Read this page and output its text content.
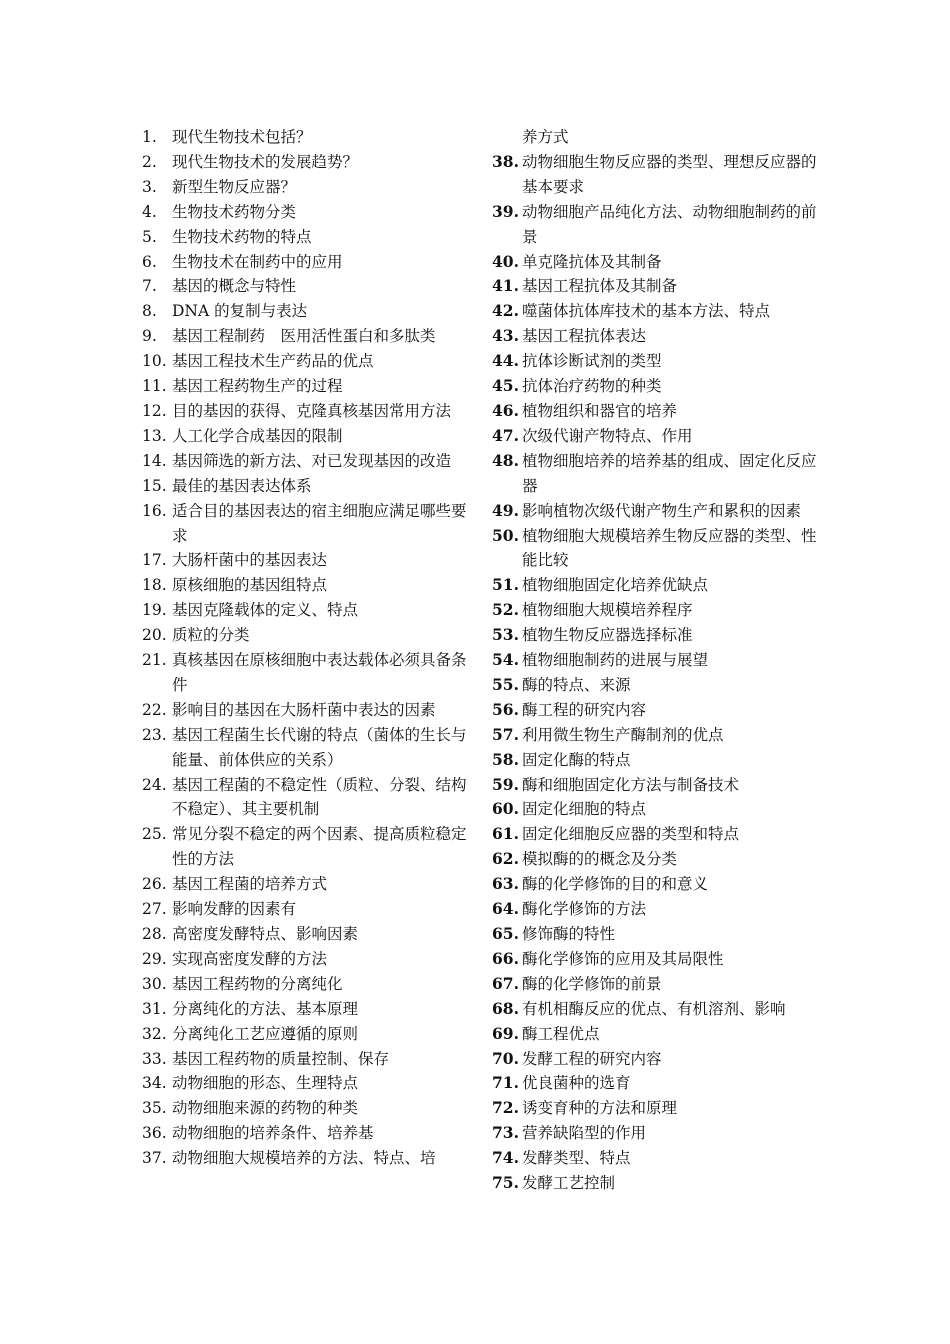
1. 现代生物技术包括？
2. 现代生物技术的发展趋势？
3. 新型生物反应器？
4. 生物技术药物分类
5. 生物技术药物的特点
6. 生物技术在制药中的应用
7. 基因的概念与特性
8. DNA 的复制与表达
9. 基因工程制药　医用活性蛋白和多肽类
10. 基因工程技术生产药品的优点
11. 基因工程药物生产的过程
12. 目的基因的获得、克隆真核基因常用方法
13. 人工化学合成基因的限制
14. 基因筛选的新方法、对已发现基因的改造
15. 最佳的基因表达体系
16. 适合目的基因表达的宿主细胞应满足哪些要求
17. 大肠杆菌中的基因表达
18. 原核细胞的基因组特点
19. 基因克隆载体的定义、特点
20. 质粒的分类
21. 真核基因在原核细胞中表达载体必须具备条件
22. 影响目的基因在大肠杆菌中表达的因素
23. 基因工程菌生长代谢的特点（菌体的生长与能量、前体供应的关系）
24. 基因工程菌的不稳定性（质粒、分裂、结构不稳定）、其主要机制
25. 常见分裂不稳定的两个因素、提高质粒稳定性的方法
26. 基因工程菌的培养方式
27. 影响发酵的因素有
28. 高密度发酵特点、影响因素
29. 实现高密度发酵的方法
30. 基因工程药物的分离纯化
31. 分离纯化的方法、基本原理
32. 分离纯化工艺应遵循的原则
33. 基因工程药物的质量控制、保存
34. 动物细胞的形态、生理特点
35. 动物细胞来源的药物的种类
36. 动物细胞的培养条件、培养基
37. 动物细胞大规模培养的方法、特点、培
养方式
38. 动物细胞生物反应器的类型、理想反应器的基本要求
39. 动物细胞产品纯化方法、动物细胞制药的前景
40. 单克隆抗体及其制备
41. 基因工程抗体及其制备
42. 噬菌体抗体库技术的基本方法、特点
43. 基因工程抗体表达
44. 抗体诊断试剂的类型
45. 抗体治疗药物的种类
46. 植物组织和器官的培养
47. 次级代谢产物特点、作用
48. 植物细胞培养的培养基的组成、固定化反应器
49. 影响植物次级代谢产物生产和累积的因素
50. 植物细胞大规模培养生物反应器的类型、性能比较
51. 植物细胞固定化培养优缺点
52. 植物细胞大规模培养程序
53. 植物生物反应器选择标准
54. 植物细胞制药的进展与展望
55. 酶的特点、来源
56. 酶工程的研究内容
57. 利用微生物生产酶制剂的优点
58. 固定化酶的特点
59. 酶和细胞固定化方法与制备技术
60. 固定化细胞的特点
61. 固定化细胞反应器的类型和特点
62. 模拟酶的的概念及分类
63. 酶的化学修饰的目的和意义
64. 酶化学修饰的方法
65. 修饰酶的特性
66. 酶化学修饰的应用及其局限性
67. 酶的化学修饰的前景
68. 有机相酶反应的优点、有机溶剂、影响
69. 酶工程优点
70. 发酵工程的研究内容
71. 优良菌种的选育
72. 诱变育种的方法和原理
73. 营养缺陷型的作用
74. 发酵类型、特点
75. 发酵工艺控制
